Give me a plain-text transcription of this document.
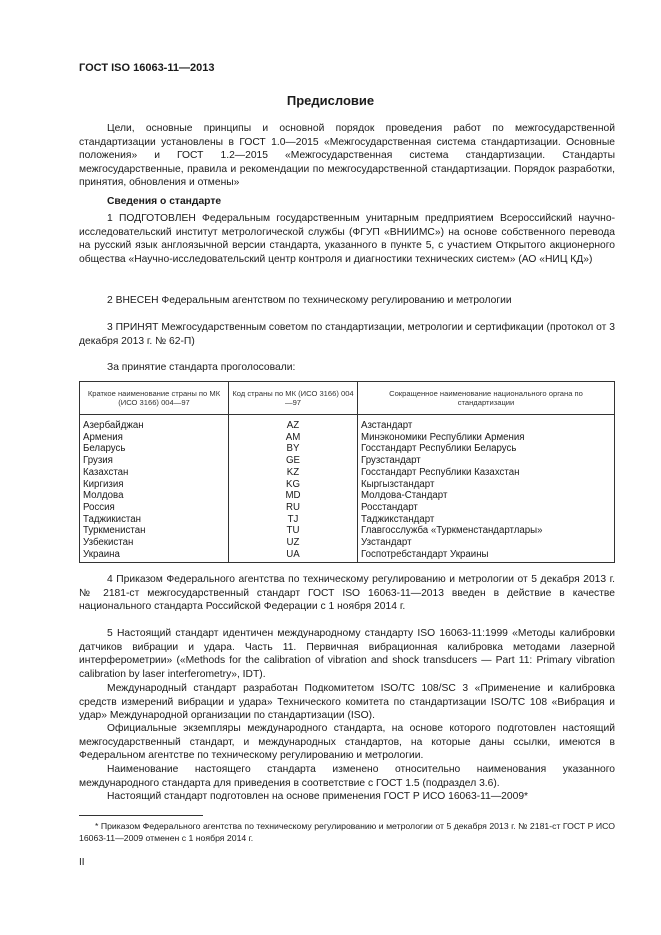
ГОСТ ISO 16063-11—2013
Предисловие
Цели, основные принципы и основной порядок проведения работ по межгосударственной стандартизации установлены в ГОСТ 1.0—2015 «Межгосударственная система стандартизации. Основные положения» и ГОСТ 1.2—2015 «Межгосударственная система стандартизации. Стандарты межгосударственные, правила и рекомендации по межгосударственной стандартизации. Порядок разработки, принятия, обновления и отмены»
Сведения о стандарте
1 ПОДГОТОВЛЕН Федеральным государственным унитарным предприятием Всероссийский научно-исследовательский институт метрологической службы (ФГУП «ВНИИМС») на основе собственного перевода на русский язык англоязычной версии стандарта, указанного в пункте 5, с участием Открытого акционерного общества «Научно-исследовательский центр контроля и диагностики технических систем» (АО «НИЦ КД»)
2 ВНЕСЕН Федеральным агентством по техническому регулированию и метрологии
3 ПРИНЯТ Межгосударственным советом по стандартизации, метрологии и сертификации (протокол от 3 декабря 2013 г. № 62-П)
За принятие стандарта проголосовали:
Краткое наименование страны по МК (ИСО 3166) 004—97	Код страны по МК (ИСО 3166) 004—97	Сокращенное наименование национального органа по стандартизации
Азербайджан	AZ	Азстандарт
Армения	AM	Минэкономики Республики Армения
Беларусь	BY	Госстандарт Республики Беларусь
Грузия	GE	Грузстандарт
Казахстан	KZ	Госстандарт Республики Казахстан
Киргизия	KG	Кыргызстандарт
Молдова	MD	Молдова-Стандарт
Россия	RU	Росстандарт
Таджикистан	TJ	Таджикстандарт
Туркменистан	TU	Главгосслужба «Туркменстандартлары»
Узбекистан	UZ	Узстандарт
Украина	UA	Госпотребстандарт Украины
4 Приказом Федерального агентства по техническому регулированию и метрологии от 5 декабря 2013 г. № 2181-ст межгосударственный стандарт ГОСТ ISO 16063-11—2013 введен в действие в качестве национального стандарта Российской Федерации с 1 ноября 2014 г.
5 Настоящий стандарт идентичен международному стандарту ISO 16063-11:1999 «Методы калибровки датчиков вибрации и удара. Часть 11. Первичная вибрационная калибровка методами лазерной интерферометрии» («Methods for the calibration of vibration and shock transducers — Part 11: Primary vibration calibration by laser interferometry», IDT).
Международный стандарт разработан Подкомитетом ISO/TC 108/SC 3 «Применение и калибровка средств измерений вибрации и удара» Технического комитета по стандартизации ISO/TC 108 «Вибрация и удар» Международной организации по стандартизации (ISO).
Официальные экземпляры международного стандарта, на основе которого подготовлен настоящий межгосударственный стандарт, и международных стандартов, на которые даны ссылки, имеются в Федеральном агентстве по техническому регулированию и метрологии.
Наименование настоящего стандарта изменено относительно наименования указанного международного стандарта для приведения в соответствие с ГОСТ 1.5 (подраздел 3.6).
Настоящий стандарт подготовлен на основе применения ГОСТ Р ИСО 16063-11—2009*
* Приказом Федерального агентства по техническому регулированию и метрологии от 5 декабря 2013 г. № 2181-ст ГОСТ Р ИСО 16063-11—2009 отменен с 1 ноября 2014 г.
II
